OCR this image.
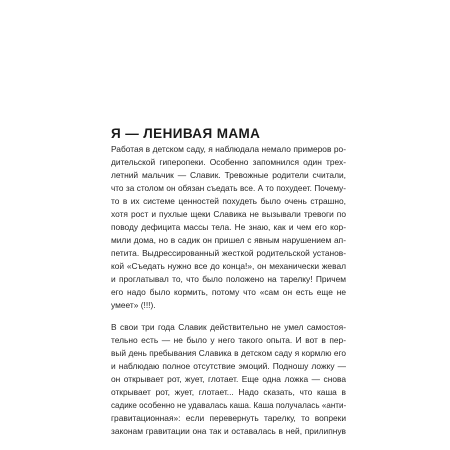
Я — ЛЕНИВАЯ МАМА

Работая в детском саду, я наблюдала немало примеров ро-

дительской гиперопеки. Особенно запомнился один трех-

летний мальчик — Славик. Тревожные родители считали,

что за столом он обязан съедать все. А то похудеет. Почему-

то в их системе ценностей похудеть было очень страшно,

хотя рост и пухлые щеки Славика не вызывали тревоги по

поводу дефицита массы тела. Не знаю, как и чем его кор-

мили дома, но в садик он пришел с явным нарушением ап-

петита. Выдрессированный жесткой родительской установ-

кой «Съедать нужно все до конца!», он механически жевал

и проглатывал то, что было положено на тарелку! Причем

его надо было кормить, потому что «сам он есть еще не

умеет» (!!!).

В свои три года Славик действительно не умел самостоя-

тельно есть — не было у него такого опыта. И вот в пер-

вый день пребывания Славика в детском саду я кормлю его

и наблюдаю полное отсутствие эмоций. Подношу ложку —

он открывает рот, жует, глотает. Еще одна ложка — снова

открывает рот, жует, глотает... Надо сказать, что каша в

садике особенно не удавалась каша. Каша получалась «анти-

гравитационная»: если перевернуть тарелку, то вопреки

законам гравитации она так и оставалась в ней, прилипнув
